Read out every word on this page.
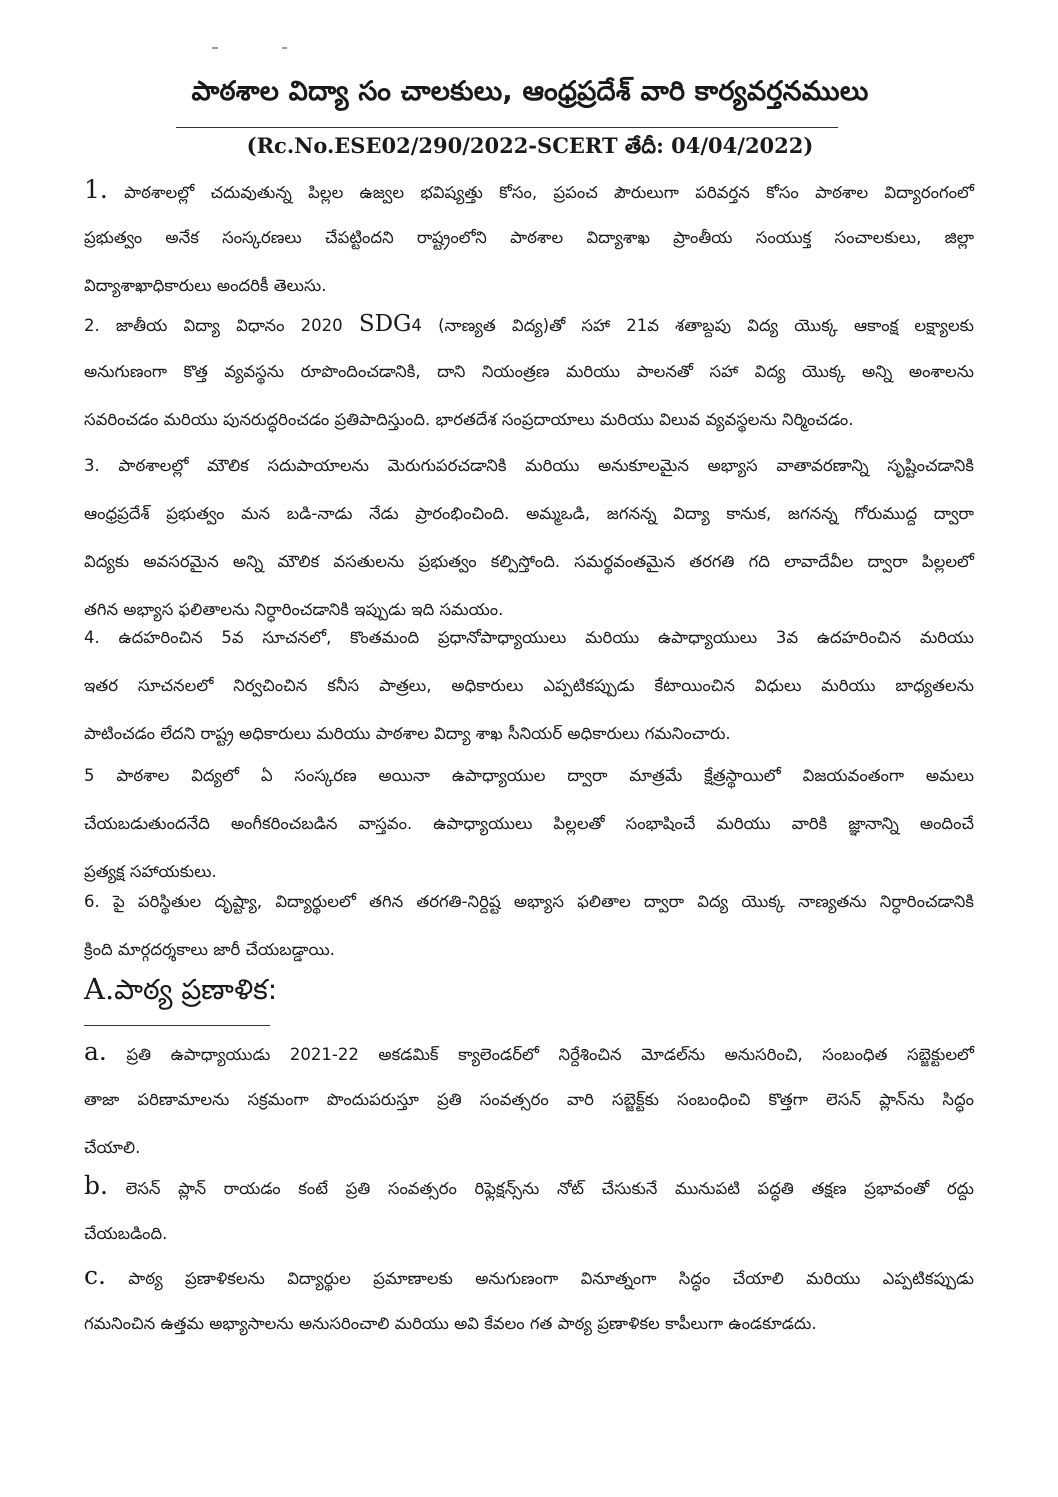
పాఠశాల విద్యా సం చాలకులు, ఆంధ్రప్రదేశ్ వారి కార్యవర్తనములు
(Rc.No.ESE02/290/2022-SCERT తేదీ: 04/04/2022)
1. పాఠశాలల్లో చదువుతున్న పిల్లల ఉజ్వల భవిష్యత్తు కోసం, ప్రపంచ పౌరులుగా పరివర్తన కోసం పాఠశాల విద్యారంగంలో
ప్రభుత్వం అనేక సంస్కరణలు చేపట్టిందని రాష్ట్రంలోని పాఠశాల విద్యాశాఖ ప్రాంతీయ సంయుక్త సంచాలకులు, జిల్లా
విద్యాశాఖాధికారులు అందరికీ తెలుసు.
2. జాతీయ విద్యా విధానం 2020 SDG4 (నాణ్యత విద్య)తో సహా 21వ శతాబ్దపు విద్య యొక్క ఆకాంక్ష లక్ష్యాలకు
అనుగుణంగా కొత్త వ్యవస్థను రూపొందించడానికి, దాని నియంత్రణ మరియు పాలనతో సహా విద్య యొక్క అన్ని అంశాలను
సవరించడం మరియు పునరుద్ధరించడం ప్రతిపాదిస్తుంది. భారతదేశ సంప్రదాయాలు మరియు విలువ వ్యవస్థలను నిర్మించడం.
3. పాఠశాలల్లో మౌలిక సదుపాయాలను మెరుగుపరచడానికి మరియు అనుకూలమైన అభ్యాస వాతావరణాన్ని సృష్టించడానికి
ఆంధ్రప్రదేశ్ ప్రభుత్వం మన బడి-నాడు నేడు ప్రారంభించింది. అమ్మఒడి, జగనన్న విద్యా కానుక, జగనన్న గోరుముద్ద ద్వారా
విద్యకు అవసరమైన అన్ని మౌలిక వసతులను ప్రభుత్వం కల్పిస్తోంది. సమర్థవంతమైన తరగతి గది లావాదేవీల ద్వారా పిల్లలలో
తగిన అభ్యాస ఫలితాలను నిర్ధారించడానికి ఇప్పుడు ఇది సమయం.
4. ఉదహరించిన 5వ సూచనలో, కొంతమంది ప్రధానోపాధ్యాయులు మరియు ఉపాధ్యాయులు 3వ ఉదహరించిన మరియు
ఇతర సూచనలలో నిర్వచించిన కనీస పాత్రలు, అధికారులు ఎప్పటికప్పుడు కేటాయించిన విధులు మరియు బాధ్యతలను
పాటించడం లేదని రాష్ట్ర అధికారులు మరియు పాఠశాల విద్యా శాఖ సీనియర్ అధికారులు గమనించారు.
5 పాఠశాల విద్యలో ఏ సంస్కరణ అయినా ఉపాధ్యాయుల ద్వారా మాత్రమే క్షేత్రస్థాయిలో విజయవంతంగా అమలు
చేయబడుతుందనేది అంగీకరించబడిన వాస్తవం. ఉపాధ్యాయులు పిల్లలతో సంభాషించే మరియు వారికి జ్ఞానాన్ని అందించే
ప్రత్యక్ష సహాయకులు.
6. పై పరిస్థితుల దృష్ట్యా, విద్యార్థులలో తగిన తరగతి-నిర్దిష్ట అభ్యాస ఫలితాల ద్వారా విద్య యొక్క నాణ్యతను నిర్ధారించడానికి
క్రింది మార్గదర్శకాలు జారీ చేయబడ్డాయి.
A.పాఠ్య ప్రణాళిక:
a. ప్రతి ఉపాధ్యాయుడు 2021-22 అకడమిక్ క్యాలెండర్‌లో నిర్దేశించిన మోడల్‌ను అనుసరించి, సంబంధిత సబ్జెక్టులలో
తాజా పరిణామాలను సక్రమంగా పొందుపరుస్తూ ప్రతి సంవత్సరం వారి సబ్జెక్ట్‌కు సంబంధించి కొత్తగా లెసన్ ప్లాన్‌ను సిద్ధం
చేయాలి.
b. లెసన్ ప్లాన్ రాయడం కంటే ప్రతి సంవత్సరం రిఫ్లెక్షన్స్‌ను నోట్ చేసుకునే మునుపటి పద్ధతి తక్షణ ప్రభావంతో రద్దు
చేయబడింది.
c. పాఠ్య ప్రణాళికలను విద్యార్థుల ప్రమాణాలకు అనుగుణంగా వినూత్నంగా సిద్ధం చేయాలి మరియు ఎప్పటికప్పుడు
గమనించిన ఉత్తమ అభ్యాసాలను అనుసరించాలి మరియు అవి కేవలం గత పాఠ్య ప్రణాళికల కాపీలుగా ఉండకూడదు.
